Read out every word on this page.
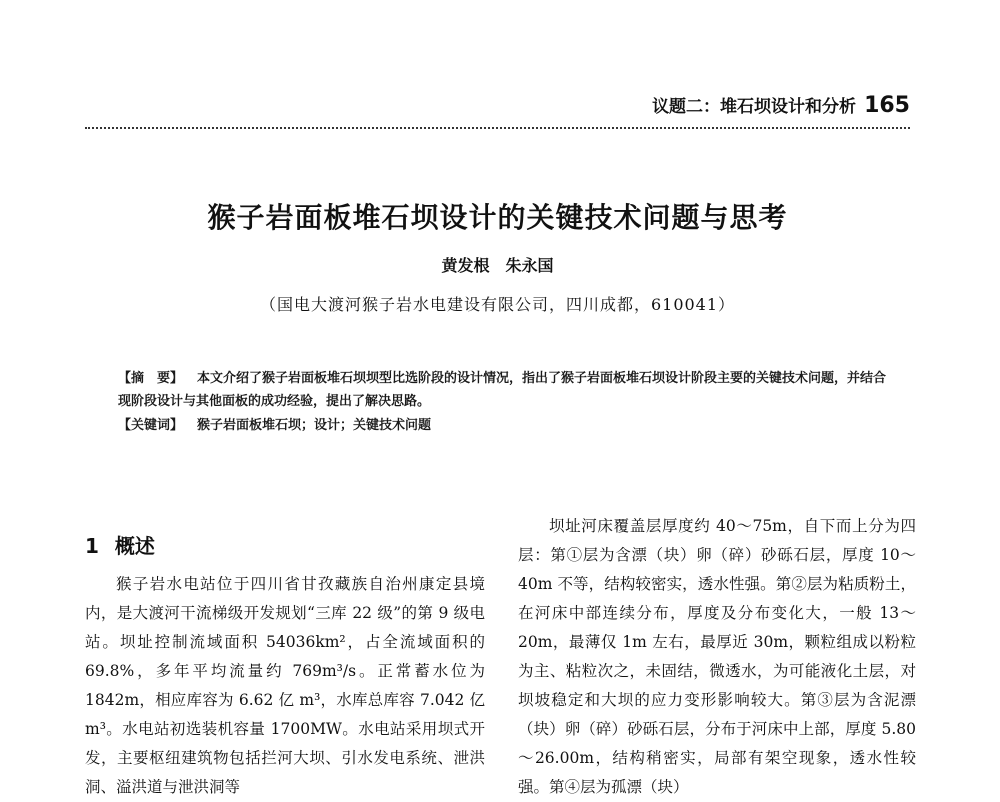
议题二：堆石坝设计和分析 165
猴子岩面板堆石坝设计的关键技术问题与思考
黄发根　朱永国
（国电大渡河猴子岩水电建设有限公司，四川成都，610041）
【摘　要】 本文介绍了猴子岩面板堆石坝坝型比选阶段的设计情况，指出了猴子岩面板堆石坝设计阶段主要的关键技术问题，并结合现阶段设计与其他面板的成功经验，提出了解决思路。
【关键词】 猴子岩面板堆石坝；设计；关键技术问题
1 概述

猴子岩水电站位于四川省甘孜藏族自治州康定县境内，是大渡河干流梯级开发规划“三库 22 级”的第 9 级电站。坝址控制流域面积 54036km²，占全流域面积的 69.8%，多年平均流量约 769m³/s。正常蓄水位为 1842m，相应库容为 6.62 亿 m³，水库总库容 7.042 亿 m³。水电站初选装机容量 1700MW。水电站采用坝式开发，主要枢纽建筑物包括拦河大坝、引水发电系统、泄洪洞、溢洪道与泄洪洞等

坝址河床覆盖层厚度约 40～75m，自下而上分为四层：第①层为含漂（块）卵（碎）砂砾石层，厚度 10～40m 不等，结构较密实，透水性强。第②层为粘质粉土，在河床中部连续分布，厚度及分布变化大，一般 13～20m，最薄仅 1m 左右，最厚近 30m，颗粒组成以粉粒为主、粘粒次之，未固结，微透水，为可能液化土层，对坝坡稳定和大坝的应力变形影响较大。第③层为含泥漂（块）卵（碎）砂砾石层，分布于河床中上部，厚度 5.80～26.00m，结构稍密实，局部有架空现象，透水性较强。第④层为孤漂（块）
